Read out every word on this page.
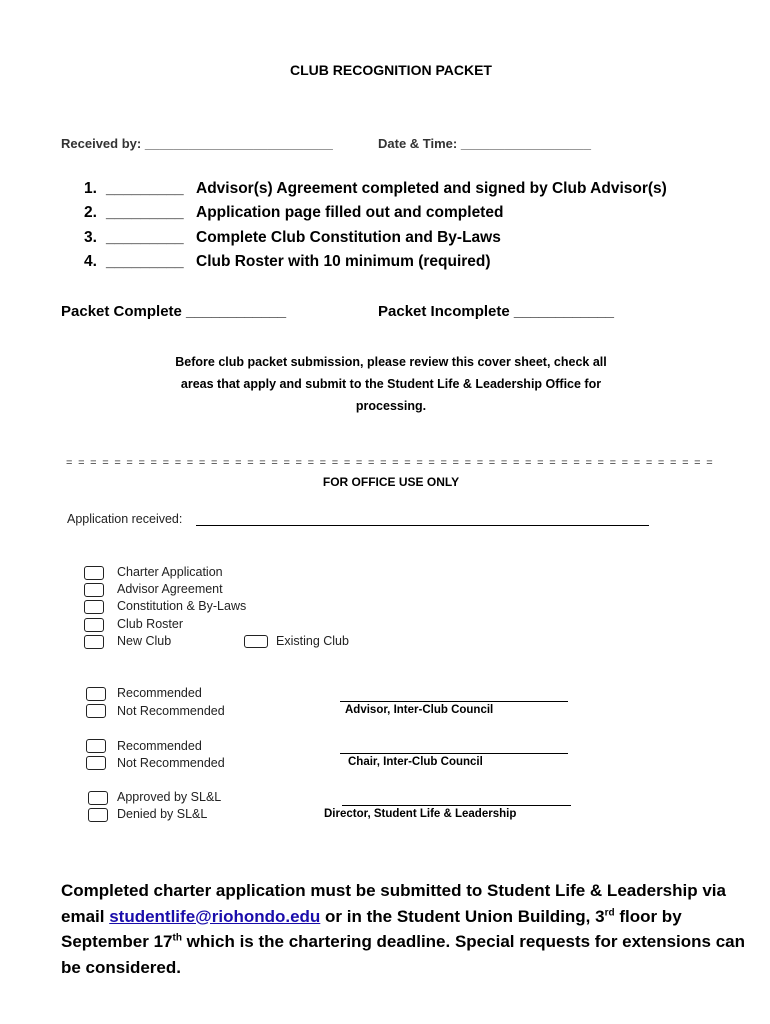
CLUB RECOGNITION PACKET
Received by: __________________________	Date & Time: __________________
1. _________ Advisor(s) Agreement completed and signed by Club Advisor(s)
2. _________ Application page filled out and completed
3. _________ Complete Club Constitution and By-Laws
4. _________ Club Roster with 10 minimum (required)
Packet Complete ____________	Packet Incomplete ____________
Before club packet submission, please review this cover sheet, check all
areas that apply and submit to the Student Life & Leadership Office for
processing.
= = = = = = = = = = = = = = = = = = = = = = = = = = = = = = = = = = = = = = = = = = = = = = = = = = = = = =
FOR OFFICE USE ONLY
Application received:
Charter Application
Advisor Agreement
Constitution & By-Laws
Club Roster
New Club	Existing Club
Recommended
Not Recommended	Advisor, Inter-Club Council
Recommended
Not Recommended	Chair, Inter-Club Council
Approved by SL&L
Denied by SL&L	Director, Student Life & Leadership
Completed charter application must be submitted to Student Life & Leadership via email studentlife@riohondo.edu or in the Student Union Building, 3rd floor by September 17th which is the chartering deadline. Special requests for extensions can be considered.
